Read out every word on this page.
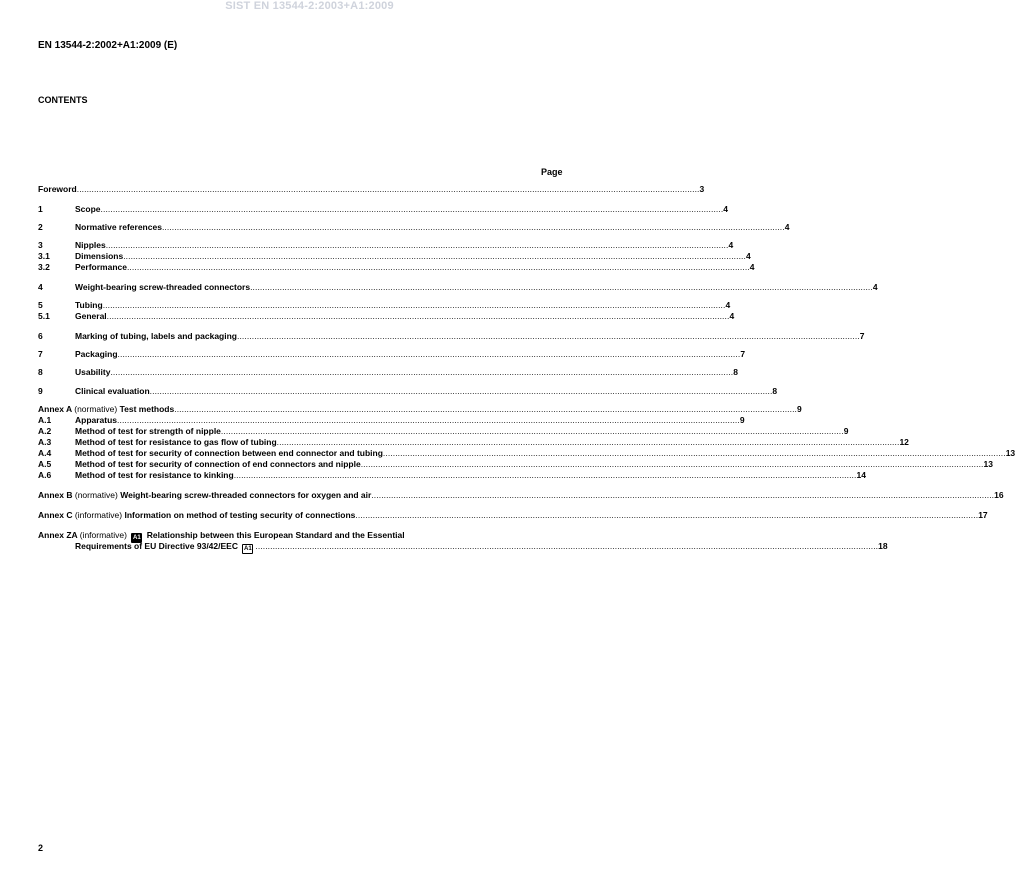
SIST EN 13544-2:2003+A1:2009
EN 13544-2:2002+A1:2009 (E)
CONTENTS
Page
Foreword .....	3
1	Scope .....	4
2	Normative references .....	4
3	Nipples .....	4
3.1	Dimensions .....	4
3.2	Performance .....	4
4	Weight-bearing screw-threaded connectors .....	4
5	Tubing .....	4
5.1	General .....	4
6	Marking of tubing, labels and packaging .....	7
7	Packaging .....	7
8	Usability .....	8
9	Clinical evaluation .....	8
Annex A (normative) Test methods .....	9
A.1	Apparatus .....	9
A.2	Method of test for strength of nipple .....	9
A.3	Method of test for resistance to gas flow of tubing .....	12
A.4	Method of test for security of connection between end connector and tubing .....	13
A.5	Method of test for security of connection of end connectors and nipple .....	13
A.6	Method of test for resistance to kinking .....	14
Annex B (normative) Weight-bearing screw-threaded connectors for oxygen and air .....	16
Annex C (informative) Information on method of testing security of connections .....	17
Annex ZA (informative) A1 Relationship between this European Standard and the Essential
Requirements of EU Directive 93/42/EEC A1 .....	18
2
